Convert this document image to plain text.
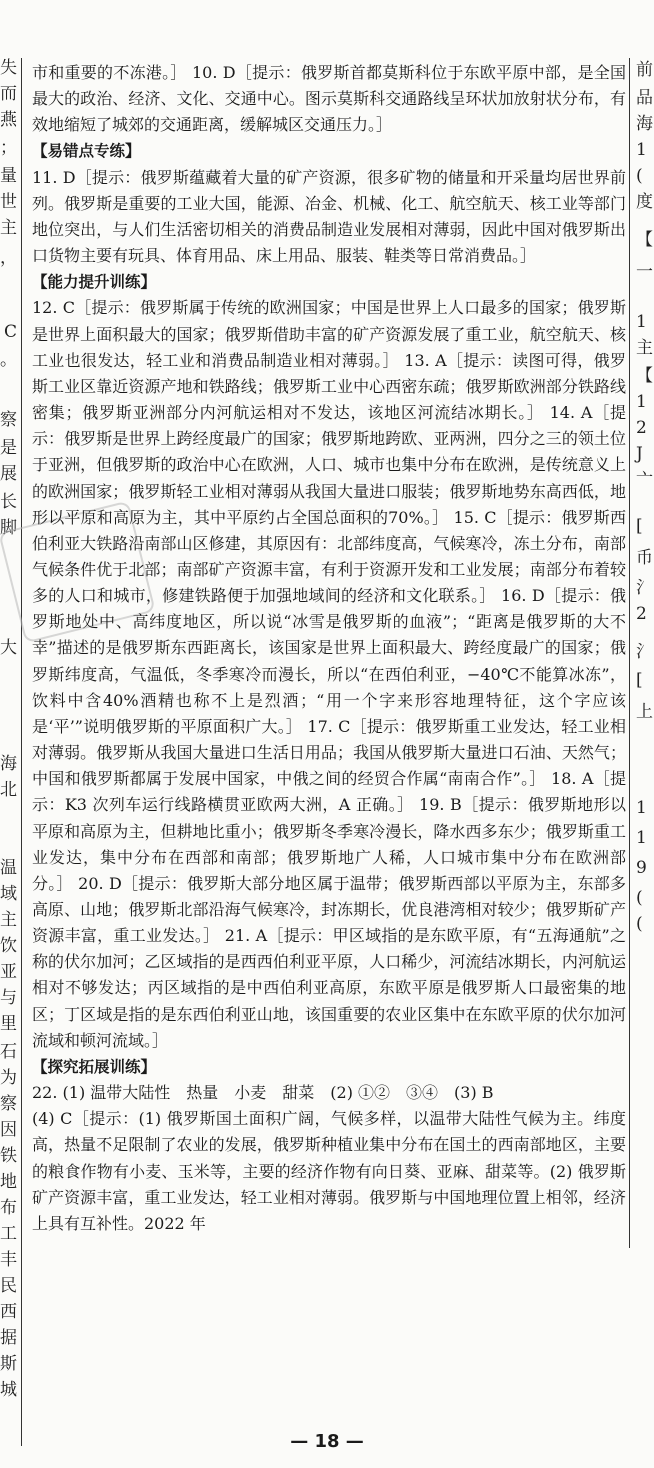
失
而
燕
；
量
世
主
，
C
。
察
是
展
长
脚
大
海
北
温
域
主
饮
亚
与
里
石
为
察
因
铁
地
布
工
丰
民
西
据
斯
城
前
品
海
1
(
度
【
一
1
主
【
1
2
J
亠
[
币
氵
2
氵
[
上
1
1
9
(
(

市和重要的不冻港。］ 10. D［提示：俄罗斯首都莫斯科位于东欧平原中部，是全国最大的政治、经济、文化、交通中心。图示莫斯科交通路线呈环状加放射状分布，有效地缩短了城郊的交通距离，缓解城区交通压力。］

【易错点专练】

11. D［提示：俄罗斯蕴藏着大量的矿产资源，很多矿物的储量和开采量均居世界前列。俄罗斯是重要的工业大国，能源、冶金、机械、化工、航空航天、核工业等部门地位突出，与人们生活密切相关的消费品制造业发展相对薄弱，因此中国对俄罗斯出口货物主要有玩具、体育用品、床上用品、服装、鞋类等日常消费品。］

【能力提升训练】

12. C［提示：俄罗斯属于传统的欧洲国家；中国是世界上人口最多的国家；俄罗斯是世界上面积最大的国家；俄罗斯借助丰富的矿产资源发展了重工业，航空航天、核工业也很发达，轻工业和消费品制造业相对薄弱。］ 13. A［提示：读图可得，俄罗斯工业区靠近资源产地和铁路线；俄罗斯工业中心西密东疏；俄罗斯欧洲部分铁路线密集；俄罗斯亚洲部分内河航运相对不发达，该地区河流结冰期长。］ 14. A［提示：俄罗斯是世界上跨经度最广的国家；俄罗斯地跨欧、亚两洲，四分之三的领土位于亚洲，但俄罗斯的政治中心在欧洲，人口、城市也集中分布在欧洲，是传统意义上的欧洲国家；俄罗斯轻工业相对薄弱从我国大量进口服装；俄罗斯地势东高西低，地形以平原和高原为主，其中平原约占全国总面积的70%。］ 15. C［提示：俄罗斯西伯利亚大铁路沿南部山区修建，其原因有：北部纬度高，气候寒冷，冻土分布，南部气候条件优于北部；南部矿产资源丰富，有利于资源开发和工业发展；南部分布着较多的人口和城市，修建铁路便于加强地域间的经济和文化联系。］ 16. D［提示：俄罗斯地处中、高纬度地区，所以说“冰雪是俄罗斯的血液”；“距离是俄罗斯的大不幸”描述的是俄罗斯东西距离长，该国家是世界上面积最大、跨经度最广的国家；俄罗斯纬度高，气温低，冬季寒冷而漫长，所以“在西伯利亚，−40℃不能算冰冻”，饮料中含40%酒精也称不上是烈酒；“用一个字来形容地理特征，这个字应该是‘平’”说明俄罗斯的平原面积广大。］ 17. C［提示：俄罗斯重工业发达，轻工业相对薄弱。俄罗斯从我国大量进口生活日用品；我国从俄罗斯大量进口石油、天然气；中国和俄罗斯都属于发展中国家，中俄之间的经贸合作属“南南合作”。］ 18. A［提示：K3 次列车运行线路横贯亚欧两大洲，A 正确。］ 19. B［提示：俄罗斯地形以平原和高原为主，但耕地比重小；俄罗斯冬季寒冷漫长，降水西多东少；俄罗斯重工业发达，集中分布在西部和南部；俄罗斯地广人稀，人口城市集中分布在欧洲部分。］ 20. D［提示：俄罗斯大部分地区属于温带；俄罗斯西部以平原为主，东部多高原、山地；俄罗斯北部沿海气候寒冷，封冻期长，优良港湾相对较少；俄罗斯矿产资源丰富，重工业发达。］ 21. A［提示：甲区域指的是东欧平原，有“五海通航”之称的伏尔加河；乙区域指的是西西伯利亚平原，人口稀少，河流结冰期长，内河航运相对不够发达；丙区域指的是中西伯利亚高原，东欧平原是俄罗斯人口最密集的地区；丁区域是指的是东西伯利亚山地，该国重要的农业区集中在东欧平原的伏尔加河流域和顿河流域。］

【探究拓展训练】

22. (1) 温带大陆性　热量　小麦　甜菜　(2) ①②　③④　(3) B

(4) C［提示：(1) 俄罗斯国土面积广阔，气候多样，以温带大陆性气候为主。纬度高，热量不足限制了农业的发展，俄罗斯种植业集中分布在国土的西南部地区，主要的粮食作物有小麦、玉米等，主要的经济作物有向日葵、亚麻、甜菜等。(2) 俄罗斯矿产资源丰富，重工业发达，轻工业相对薄弱。俄罗斯与中国地理位置上相邻，经济上具有互补性。2022 年

— 18 —
